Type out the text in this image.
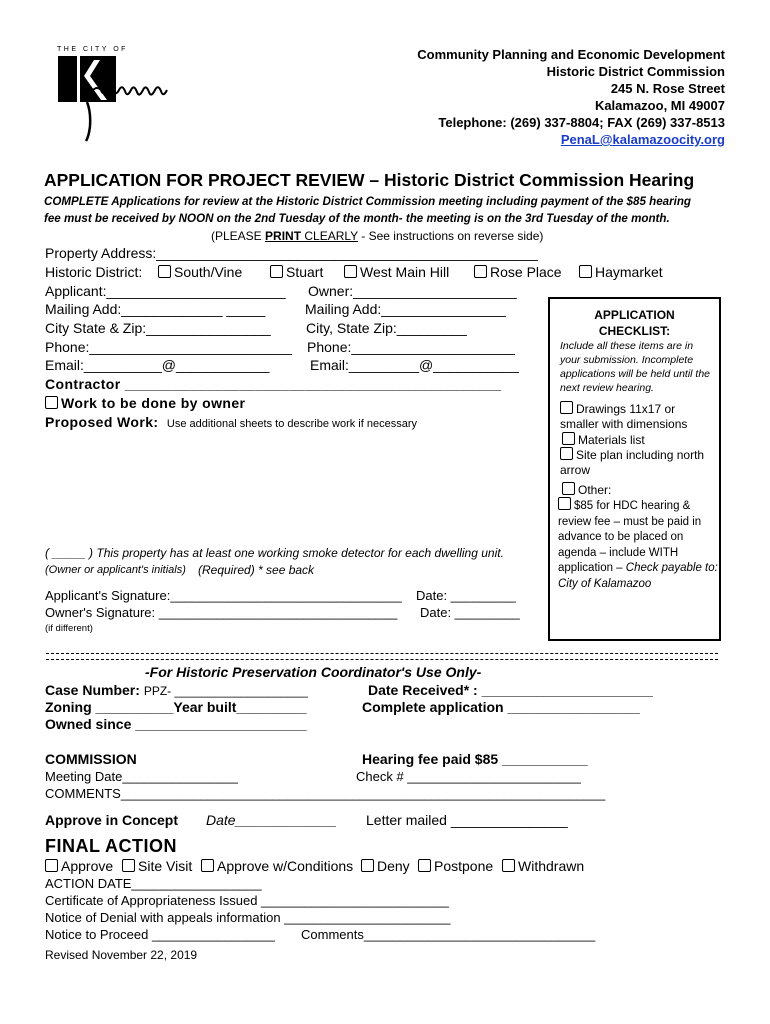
THE CITY OF	Community Planning and Economic Development

Historic District Commission

245 N. Rose Street

Kalamazoo, MI 49007

Telephone: (269) 337-8804; FAX (269) 337-8513

PenaL@kalamazoocity.org

APPLICATION FOR PROJECT REVIEW – Historic District Commission Hearing
COMPLETE Applications for review at the Historic District Commission meeting including payment of the $85 hearing
fee must be received by NOON on the 2nd Tuesday of the month- the meeting is on the 3rd Tuesday of the month.
(PLEASE PRINT CLEARLY - See instructions on reverse side)
Property Address:_________________________________________________
Historic District:	South/Vine	Stuart	West Main Hill	Rose Place	Haymarket
Applicant:_______________________ Owner:_____________________
Mailing Add:_____________ _____	Mailing Add:________________
City State & Zip:________________	City, State Zip:_________
Phone:__________________________ Phone:_____________________
Email:__________@____________	Email:_________@___________
Contractor ______________________________________________
Work to be done by owner
Proposed Work: Use additional sheets to describe work if necessary
( _____ ) This property has at least one working smoke detector for each dwelling unit.
(Owner or applicant's initials) (Required) * see back
Applicant's Signature:________________________________ Date: _________
Owner's Signature: _________________________________ Date: _________
(if different)
APPLICATION
CHECKLIST:
Include all these items are in your submission. Incomplete applications will be held until the next review hearing.
Drawings 11x17 or smaller with dimensions
Materials list
Site plan including north arrow
Other:
$85 for HDC hearing & review fee – must be paid in advance to be placed on agenda – include WITH application – Check payable to: City of Kalamazoo
-For Historic Preservation Coordinator's Use Only-
Case Number: PPZ- ____________________	Date Received* : ______________________
Zoning __________Year built_________	Complete application _________________
Owned since ______________________
COMMISSION	Hearing fee paid $85 ___________
Meeting Date________________	Check # ________________________
COMMENTS___________________________________________________________________
Approve in Concept Date_____________ Letter mailed _______________
FINAL ACTION
Approve	Site Visit	Approve w/Conditions	Deny	Postpone	Withdrawn
ACTION DATE__________________
Certificate of Appropriateness Issued __________________________
Notice of Denial with appeals information _______________________
Notice to Proceed _________________ Comments________________________________
Revised November 22, 2019
